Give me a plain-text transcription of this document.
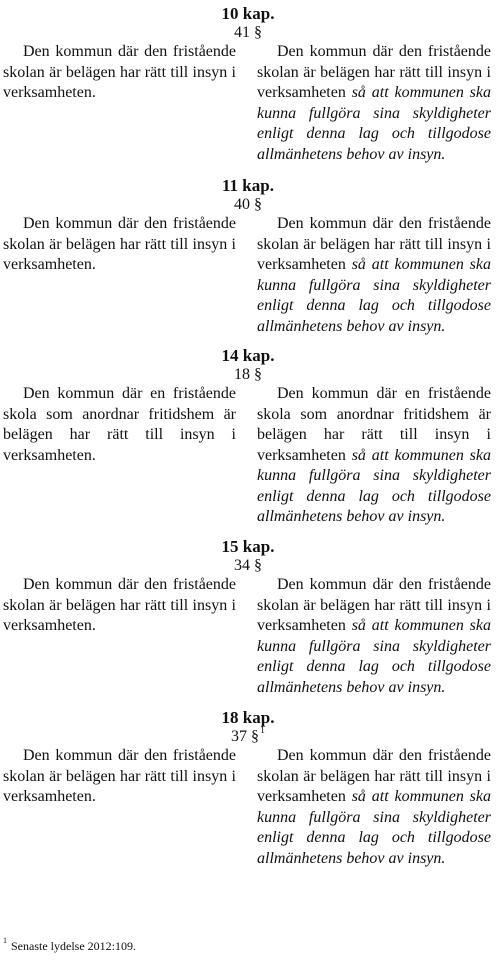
10 kap.
41 §
Den kommun där den fristående skolan är belägen har rätt till insyn i verksamheten.
Den kommun där den fristående skolan är belägen har rätt till insyn i verksamheten så att kommunen ska kunna fullgöra sina skyldigheter enligt denna lag och tillgodose allmänhetens behov av insyn.
11 kap.
40 §
Den kommun där den fristående skolan är belägen har rätt till insyn i verksamheten.
Den kommun där den fristående skolan är belägen har rätt till insyn i verksamheten så att kommunen ska kunna fullgöra sina skyldigheter enligt denna lag och tillgodose allmänhetens behov av insyn.
14 kap.
18 §
Den kommun där en fristående skola som anordnar fritidshem är belägen har rätt till insyn i verksamheten.
Den kommun där en fristående skola som anordnar fritidshem är belägen har rätt till insyn i verksamheten så att kommunen ska kunna fullgöra sina skyldigheter enligt denna lag och tillgodose allmänhetens behov av insyn.
15 kap.
34 §
Den kommun där den fristående skolan är belägen har rätt till insyn i verksamheten.
Den kommun där den fristående skolan är belägen har rätt till insyn i verksamheten så att kommunen ska kunna fullgöra sina skyldigheter enligt denna lag och tillgodose allmänhetens behov av insyn.
18 kap.
37 §$^1$
Den kommun där den fristående skolan är belägen har rätt till insyn i verksamheten.
Den kommun där den fristående skolan är belägen har rätt till insyn i verksamheten så att kommunen ska kunna fullgöra sina skyldigheter enligt denna lag och tillgodose allmänhetens behov av insyn.
$^1$ Senaste lydelse 2012:109.
